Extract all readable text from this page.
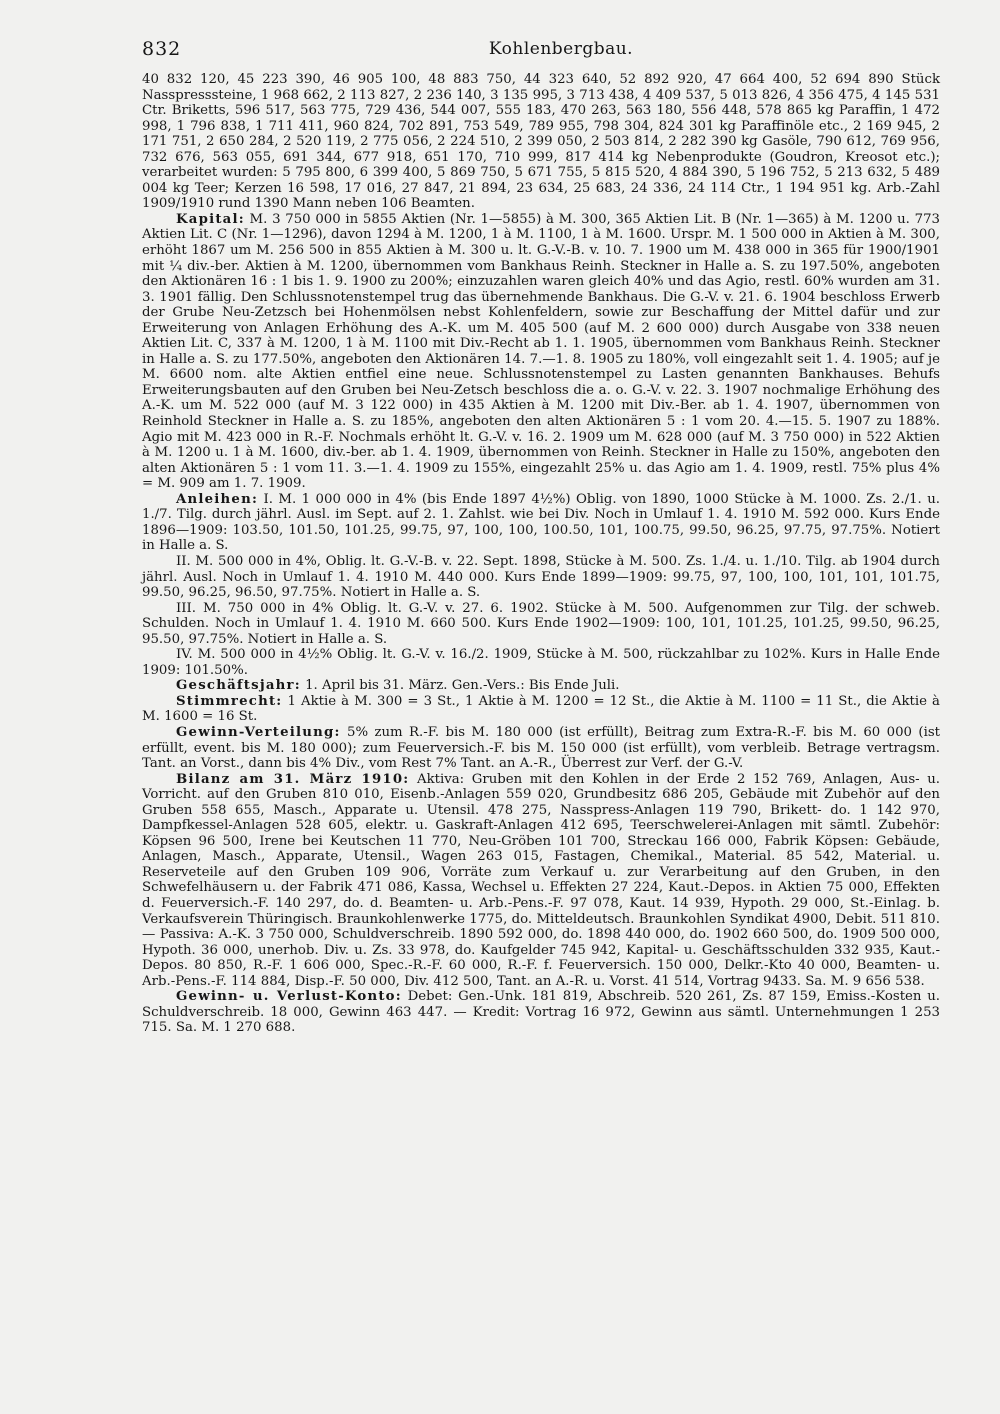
832	Kohlenbergbau.

40 832 120, 45 223 390, 46 905 100, 48 883 750, 44 323 640, 52 892 920, 47 664 400, 52 694 890 Stück Nasspresssteine, 1 968 662, 2 113 827, 2 236 140, 3 135 995, 3 713 438, 4 409 537, 5 013 826, 4 356 475, 4 145 531 Ctr. Briketts, 596 517, 563 775, 729 436, 544 007, 555 183, 470 263, 563 180, 556 448, 578 865 kg Paraffin, 1 472 998, 1 796 838, 1 711 411, 960 824, 702 891, 753 549, 789 955, 798 304, 824 301 kg Paraffinöle etc., 2 169 945, 2 171 751, 2 650 284, 2 520 119, 2 775 056, 2 224 510, 2 399 050, 2 503 814, 2 282 390 kg Gasöle, 790 612, 769 956, 732 676, 563 055, 691 344, 677 918, 651 170, 710 999, 817 414 kg Nebenprodukte (Goudron, Kreosot etc.); verarbeitet wurden: 5 795 800, 6 399 400, 5 869 750, 5 671 755, 5 815 520, 4 884 390, 5 196 752, 5 213 632, 5 489 004 kg Teer; Kerzen 16 598, 17 016, 27 847, 21 894, 23 634, 25 683, 24 336, 24 114 Ctr., 1 194 951 kg. Arb.-Zahl 1909/1910 rund 1390 Mann neben 106 Beamten.

Kapital: M. 3 750 000 in 5855 Aktien (Nr. 1—5855) à M. 300, 365 Aktien Lit. B (Nr. 1—365) à M. 1200 u. 773 Aktien Lit. C (Nr. 1—1296), davon 1294 à M. 1200, 1 à M. 1100, 1 à M. 1600. Urspr. M. 1 500 000 in Aktien à M. 300, erhöht 1867 um M. 256 500 in 855 Aktien à M. 300 u. lt. G.-V.-B. v. 10. 7. 1900 um M. 438 000 in 365 für 1900/1901 mit ¼ div.-ber. Aktien à M. 1200, übernommen vom Bankhaus Reinh. Steckner in Halle a. S. zu 197.50%, angeboten den Aktionären 16 : 1 bis 1. 9. 1900 zu 200%; einzuzahlen waren gleich 40% und das Agio, restl. 60% wurden am 31. 3. 1901 fällig. Den Schlussnotenstempel trug das übernehmende Bankhaus. Die G.-V. v. 21. 6. 1904 beschloss Erwerb der Grube Neu-Zetzsch bei Hohenmölsen nebst Kohlenfeldern, sowie zur Beschaffung der Mittel dafür und zur Erweiterung von Anlagen Erhöhung des A.-K. um M. 405 500 (auf M. 2 600 000) durch Ausgabe von 338 neuen Aktien Lit. C, 337 à M. 1200, 1 à M. 1100 mit Div.-Recht ab 1. 1. 1905, übernommen vom Bankhaus Reinh. Steckner in Halle a. S. zu 177.50%, angeboten den Aktionären 14. 7.—1. 8. 1905 zu 180%, voll eingezahlt seit 1. 4. 1905; auf je M. 6600 nom. alte Aktien entfiel eine neue. Schlussnotenstempel zu Lasten genannten Bankhauses. Behufs Erweiterungsbauten auf den Gruben bei Neu-Zetsch beschloss die a. o. G.-V. v. 22. 3. 1907 nochmalige Erhöhung des A.-K. um M. 522 000 (auf M. 3 122 000) in 435 Aktien à M. 1200 mit Div.-Ber. ab 1. 4. 1907, übernommen von Reinhold Steckner in Halle a. S. zu 185%, angeboten den alten Aktionären 5 : 1 vom 20. 4.—15. 5. 1907 zu 188%. Agio mit M. 423 000 in R.-F. Nochmals erhöht lt. G.-V. v. 16. 2. 1909 um M. 628 000 (auf M. 3 750 000) in 522 Aktien à M. 1200 u. 1 à M. 1600, div.-ber. ab 1. 4. 1909, übernommen von Reinh. Steckner in Halle zu 150%, angeboten den alten Aktionären 5 : 1 vom 11. 3.—1. 4. 1909 zu 155%, eingezahlt 25% u. das Agio am 1. 4. 1909, restl. 75% plus 4% = M. 909 am 1. 7. 1909.

Anleihen: I. M. 1 000 000 in 4% (bis Ende 1897 4½%) Oblig. von 1890, 1000 Stücke à M. 1000. Zs. 2./1. u. 1./7. Tilg. durch jährl. Ausl. im Sept. auf 2. 1. Zahlst. wie bei Div. Noch in Umlauf 1. 4. 1910 M. 592 000. Kurs Ende 1896—1909: 103.50, 101.50, 101.25, 99.75, 97, 100, 100, 100.50, 101, 100.75, 99.50, 96.25, 97.75, 97.75%. Notiert in Halle a. S.

II. M. 500 000 in 4%, Oblig. lt. G.-V.-B. v. 22. Sept. 1898, Stücke à M. 500. Zs. 1./4. u. 1./10. Tilg. ab 1904 durch jährl. Ausl. Noch in Umlauf 1. 4. 1910 M. 440 000. Kurs Ende 1899—1909: 99.75, 97, 100, 100, 101, 101, 101.75, 99.50, 96.25, 96.50, 97.75%. Notiert in Halle a. S.

III. M. 750 000 in 4% Oblig. lt. G.-V. v. 27. 6. 1902. Stücke à M. 500. Aufgenommen zur Tilg. der schweb. Schulden. Noch in Umlauf 1. 4. 1910 M. 660 500. Kurs Ende 1902—1909: 100, 101, 101.25, 101.25, 99.50, 96.25, 95.50, 97.75%. Notiert in Halle a. S.

IV. M. 500 000 in 4½% Oblig. lt. G.-V. v. 16./2. 1909, Stücke à M. 500, rückzahlbar zu 102%. Kurs in Halle Ende 1909: 101.50%.

Geschäftsjahr: 1. April bis 31. März. Gen.-Vers.: Bis Ende Juli.

Stimmrecht: 1 Aktie à M. 300 = 3 St., 1 Aktie à M. 1200 = 12 St., die Aktie à M. 1100 = 11 St., die Aktie à M. 1600 = 16 St.

Gewinn-Verteilung: 5% zum R.-F. bis M. 180 000 (ist erfüllt), Beitrag zum Extra-R.-F. bis M. 60 000 (ist erfüllt, event. bis M. 180 000); zum Feuerversich.-F. bis M. 150 000 (ist erfüllt), vom verbleib. Betrage vertragsm. Tant. an Vorst., dann bis 4% Div., vom Rest 7% Tant. an A.-R., Überrest zur Verf. der G.-V.

Bilanz am 31. März 1910: Aktiva: Gruben mit den Kohlen in der Erde 2 152 769, Anlagen, Aus- u. Vorricht. auf den Gruben 810 010, Eisenb.-Anlagen 559 020, Grundbesitz 686 205, Gebäude mit Zubehör auf den Gruben 558 655, Masch., Apparate u. Utensil. 478 275, Nasspress-Anlagen 119 790, Brikett- do. 1 142 970, Dampfkessel-Anlagen 528 605, elektr. u. Gaskraft-Anlagen 412 695, Teerschwelerei-Anlagen mit sämtl. Zubehör: Köpsen 96 500, Irene bei Keutschen 11 770, Neu-Gröben 101 700, Streckau 166 000, Fabrik Köpsen: Gebäude, Anlagen, Masch., Apparate, Utensil., Wagen 263 015, Fastagen, Chemikal., Material. 85 542, Material. u. Reserveteile auf den Gruben 109 906, Vorräte zum Verkauf u. zur Verarbeitung auf den Gruben, in den Schwefelhäusern u. der Fabrik 471 086, Kassa, Wechsel u. Effekten 27 224, Kaut.-Depos. in Aktien 75 000, Effekten d. Feuerversich.-F. 140 297, do. d. Beamten- u. Arb.-Pens.-F. 97 078, Kaut. 14 939, Hypoth. 29 000, St.-Einlag. b. Verkaufsverein Thüringisch. Braunkohlenwerke 1775, do. Mitteldeutsch. Braunkohlen Syndikat 4900, Debit. 511 810. — Passiva: A.-K. 3 750 000, Schuldverschreib. 1890 592 000, do. 1898 440 000, do. 1902 660 500, do. 1909 500 000, Hypoth. 36 000, unerhob. Div. u. Zs. 33 978, do. Kaufgelder 745 942, Kapital- u. Geschäftsschulden 332 935, Kaut.-Depos. 80 850, R.-F. 1 606 000, Spec.-R.-F. 60 000, R.-F. f. Feuerversich. 150 000, Delkr.-Kto 40 000, Beamten- u. Arb.-Pens.-F. 114 884, Disp.-F. 50 000, Div. 412 500, Tant. an A.-R. u. Vorst. 41 514, Vortrag 9433. Sa. M. 9 656 538.

Gewinn- u. Verlust-Konto: Debet: Gen.-Unk. 181 819, Abschreib. 520 261, Zs. 87 159, Emiss.-Kosten u. Schuldverschreib. 18 000, Gewinn 463 447. — Kredit: Vortrag 16 972, Gewinn aus sämtl. Unternehmungen 1 253 715. Sa. M. 1 270 688.
